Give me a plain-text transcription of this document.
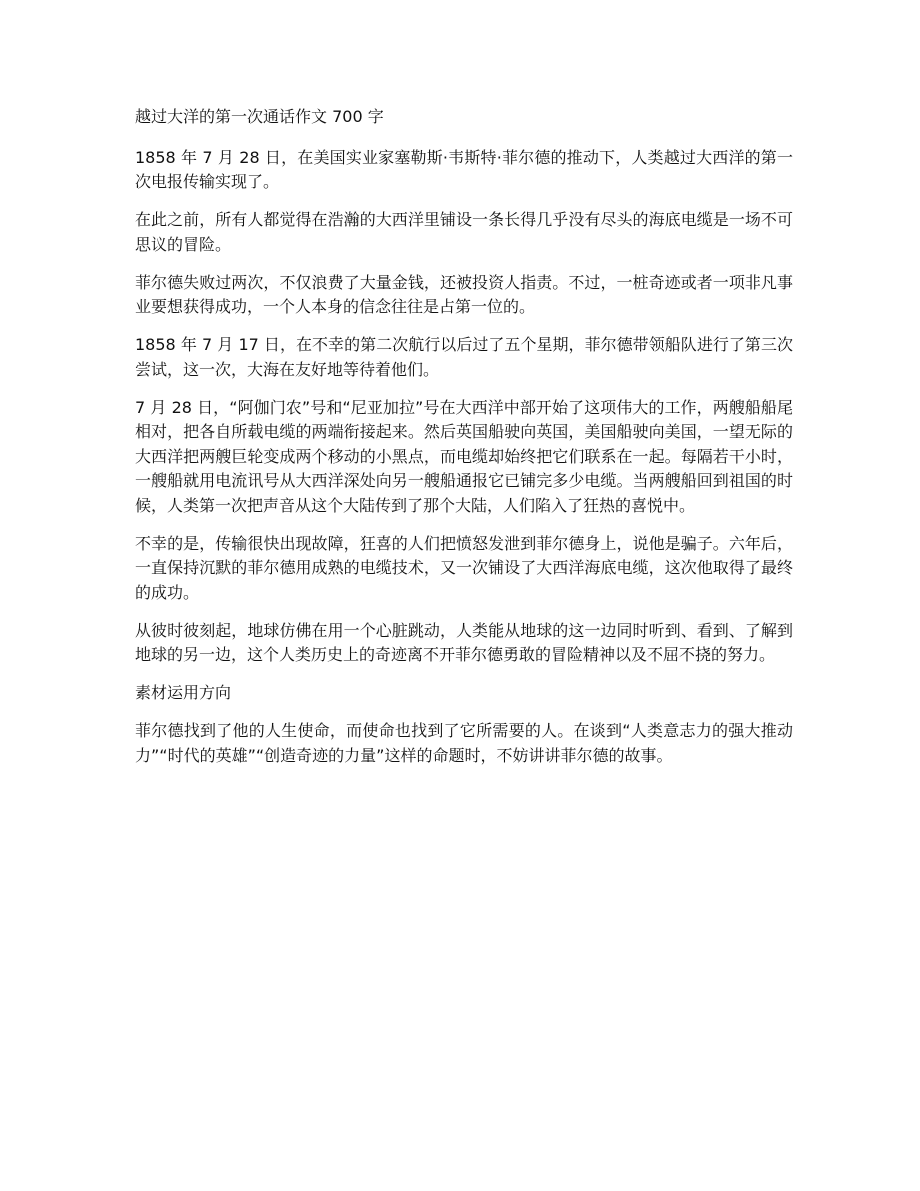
越过大洋的第一次通话作文 700 字

1858 年 7 月 28 日，在美国实业家塞勒斯·韦斯特·菲尔德的推动下，人类越过大西洋的第一次电报传输实现了。

在此之前，所有人都觉得在浩瀚的大西洋里铺设一条长得几乎没有尽头的海底电缆是一场不可思议的冒险。

菲尔德失败过两次，不仅浪费了大量金钱，还被投资人指责。不过，一桩奇迹或者一项非凡事业要想获得成功，一个人本身的信念往往是占第一位的。

1858 年 7 月 17 日，在不幸的第二次航行以后过了五个星期，菲尔德带领船队进行了第三次尝试，这一次，大海在友好地等待着他们。

7 月 28 日，“阿伽门农”号和“尼亚加拉”号在大西洋中部开始了这项伟大的工作，两艘船船尾相对，把各自所载电缆的两端衔接起来。然后英国船驶向英国，美国船驶向美国，一望无际的大西洋把两艘巨轮变成两个移动的小黑点，而电缆却始终把它们联系在一起。每隔若干小时，一艘船就用电流讯号从大西洋深处向另一艘船通报它已铺完多少电缆。当两艘船回到祖国的时候，人类第一次把声音从这个大陆传到了那个大陆，人们陷入了狂热的喜悦中。

不幸的是，传输很快出现故障，狂喜的人们把愤怒发泄到菲尔德身上，说他是骗子。六年后，一直保持沉默的菲尔德用成熟的电缆技术，又一次铺设了大西洋海底电缆，这次他取得了最终的成功。

从彼时彼刻起，地球仿佛在用一个心脏跳动，人类能从地球的这一边同时听到、看到、了解到地球的另一边，这个人类历史上的奇迹离不开菲尔德勇敢的冒险精神以及不屈不挠的努力。

素材运用方向

菲尔德找到了他的人生使命，而使命也找到了它所需要的人。在谈到“人类意志力的强大推动力”“时代的英雄”“创造奇迹的力量”这样的命题时，不妨讲讲菲尔德的故事。
